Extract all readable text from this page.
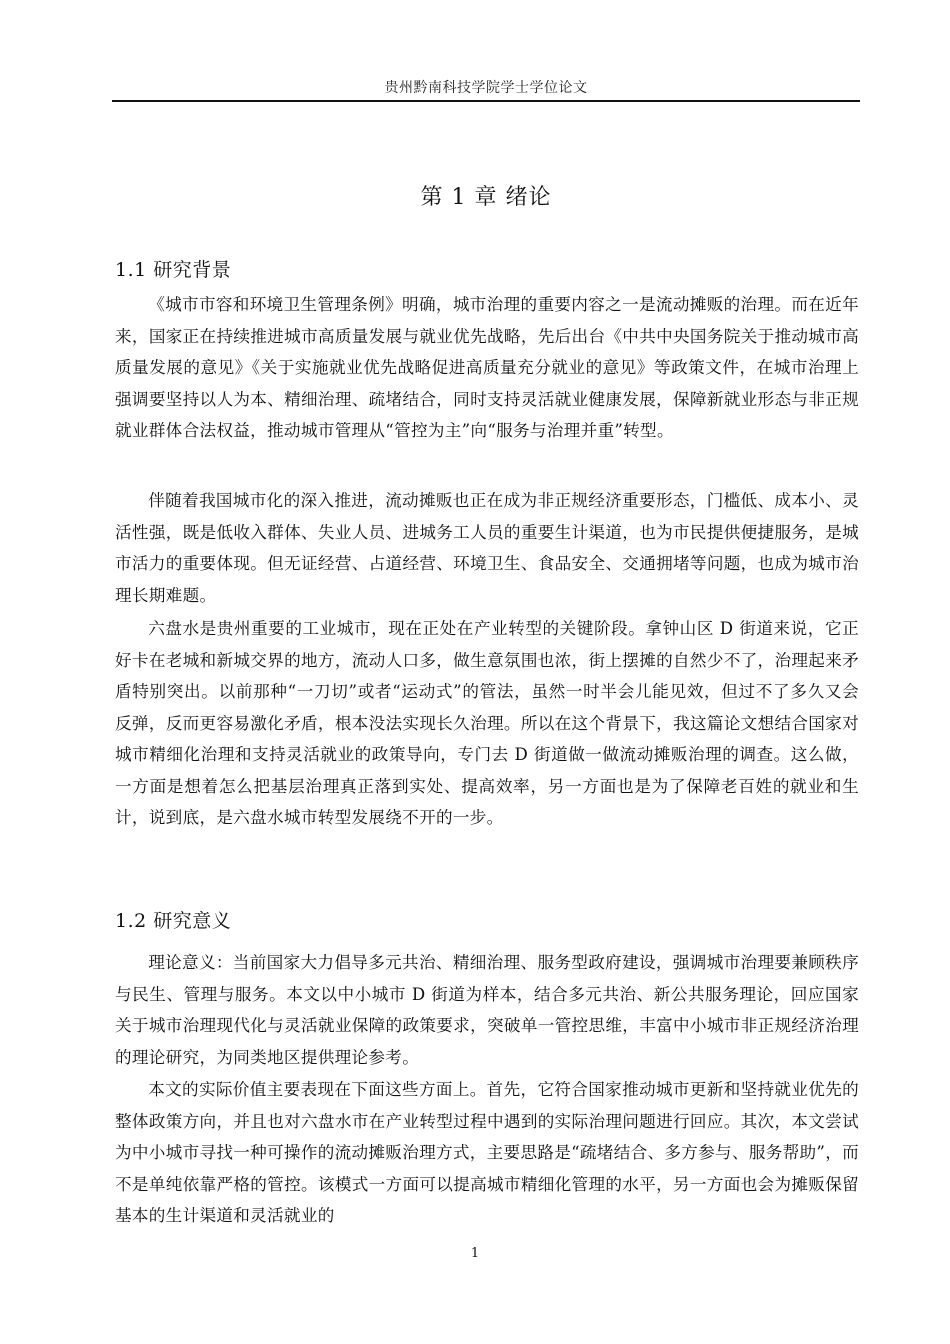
贵州黔南科技学院学士学位论文
第 1 章 绪论
1.1 研究背景

《城市市容和环境卫生管理条例》明确，城市治理的重要内容之一是流动摊贩的治理。而在近年来，国家正在持续推进城市高质量发展与就业优先战略，先后出台《中共中央国务院关于推动城市高质量发展的意见》《关于实施就业优先战略促进高质量充分就业的意见》等政策文件，在城市治理上强调要坚持以人为本、精细治理、疏堵结合，同时支持灵活就业健康发展，保障新就业形态与非正规就业群体合法权益，推动城市管理从“管控为主”向“服务与治理并重”转型。

伴随着我国城市化的深入推进，流动摊贩也正在成为非正规经济重要形态，门槛低、成本小、灵活性强，既是低收入群体、失业人员、进城务工人员的重要生计渠道，也为市民提供便捷服务，是城市活力的重要体现。但无证经营、占道经营、环境卫生、食品安全、交通拥堵等问题，也成为城市治理长期难题。

六盘水是贵州重要的工业城市，现在正处在产业转型的关键阶段。拿钟山区 D 街道来说，它正好卡在老城和新城交界的地方，流动人口多，做生意氛围也浓，街上摆摊的自然少不了，治理起来矛盾特别突出。以前那种“一刀切”或者“运动式”的管法，虽然一时半会儿能见效，但过不了多久又会反弹，反而更容易激化矛盾，根本没法实现长久治理。所以在这个背景下，我这篇论文想结合国家对城市精细化治理和支持灵活就业的政策导向，专门去 D 街道做一做流动摊贩治理的调查。这么做，一方面是想着怎么把基层治理真正落到实处、提高效率，另一方面也是为了保障老百姓的就业和生计，说到底，是六盘水城市转型发展绕不开的一步。

1.2 研究意义

理论意义：当前国家大力倡导多元共治、精细治理、服务型政府建设，强调城市治理要兼顾秩序与民生、管理与服务。本文以中小城市 D 街道为样本，结合多元共治、新公共服务理论，回应国家关于城市治理现代化与灵活就业保障的政策要求，突破单一管控思维，丰富中小城市非正规经济治理的理论研究，为同类地区提供理论参考。

本文的实际价值主要表现在下面这些方面上。首先，它符合国家推动城市更新和坚持就业优先的整体政策方向，并且也对六盘水市在产业转型过程中遇到的实际治理问题进行回应。其次，本文尝试为中小城市寻找一种可操作的流动摊贩治理方式，主要思路是“疏堵结合、多方参与、服务帮助”，而不是单纯依靠严格的管控。该模式一方面可以提高城市精细化管理的水平，另一方面也会为摊贩保留基本的生计渠道和灵活就业的

1
